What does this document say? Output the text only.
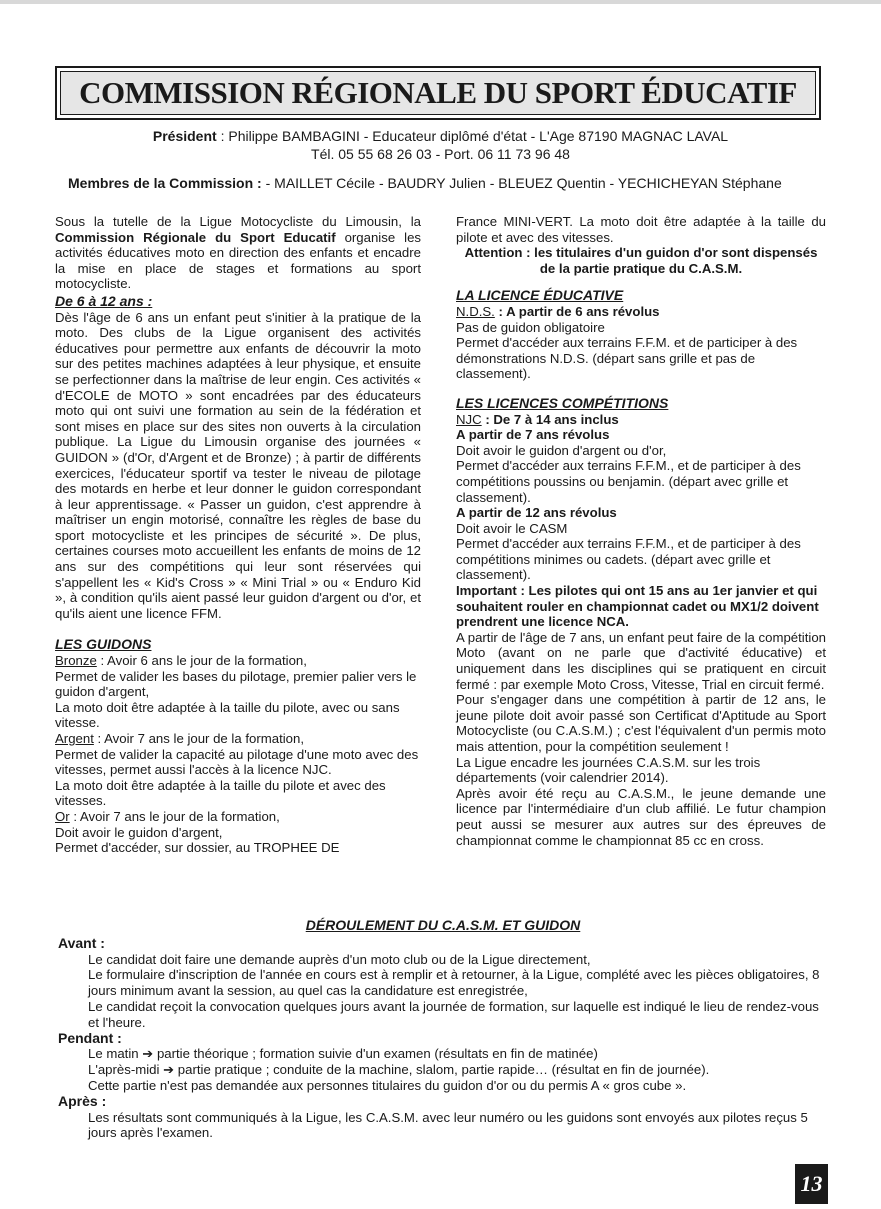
COMMISSION RÉGIONALE DU SPORT ÉDUCATIF
Président : Philippe BAMBAGINI - Educateur diplômé d'état - L'Age 87190 MAGNAC LAVAL
Tél. 05 55 68 26 03 - Port. 06 11 73 96 48
Membres de la Commission : - MAILLET Cécile - BAUDRY Julien - BLEUEZ Quentin - YECHICHEYAN Stéphane

Sous la tutelle de la Ligue Motocycliste du Limousin, la Commission Régionale du Sport Educatif organise les activités éducatives moto en direction des enfants et encadre la mise en place de stages et formations au sport motocycliste.

De 6 à 12 ans :

Dès l'âge de 6 ans un enfant peut s'initier à la pratique de la moto. Des clubs de la Ligue organisent des activités éducatives pour permettre aux enfants de découvrir la moto sur des petites machines adaptées à leur physique, et ensuite se perfectionner dans la maîtrise de leur engin. Ces activités « d'ECOLE de MOTO » sont encadrées par des éducateurs moto qui ont suivi une formation au sein de la fédération et sont mises en place sur des sites non ouverts à la circulation publique. La Ligue du Limousin organise des journées « GUIDON » (d'Or, d'Argent et de Bronze) ; à partir de différents exercices, l'éducateur sportif va tester le niveau de pilotage des motards en herbe et leur donner le guidon correspondant à leur apprentissage. « Passer un guidon, c'est apprendre à maîtriser un engin motorisé, connaître les règles de base du sport motocycliste et les principes de sécurité ». De plus, certaines courses moto accueillent les enfants de moins de 12 ans sur des compétitions qui leur sont réservées qui s'appellent les « Kid's Cross » « Mini Trial » ou « Enduro Kid », à condition qu'ils aient passé leur guidon d'argent ou d'or, et qu'ils aient une licence FFM.

LES GUIDONS

Bronze : Avoir 6 ans le jour de la formation,

Permet de valider les bases du pilotage, premier palier vers le guidon d'argent,

La moto doit être adaptée à la taille du pilote, avec ou sans vitesse.

Argent : Avoir 7 ans le jour de la formation,

Permet de valider la capacité au pilotage d'une moto avec des vitesses, permet aussi l'accès à la licence NJC.

La moto doit être adaptée à la taille du pilote et avec des vitesses.

Or : Avoir 7 ans le jour de la formation,

Doit avoir le guidon d'argent,

Permet d'accéder, sur dossier, au TROPHEE DE

France MINI-VERT. La moto doit être adaptée à la taille du pilote et avec des vitesses.

Attention : les titulaires d'un guidon d'or sont dispensés de la partie pratique du C.A.S.M.

LA LICENCE ÉDUCATIVE

N.D.S. : A partir de 6 ans révolus

Pas de guidon obligatoire

Permet d'accéder aux terrains F.F.M. et de participer à des démonstrations N.D.S. (départ sans grille et pas de classement).

LES LICENCES COMPÉTITIONS

NJC : De 7 à 14 ans inclus

A partir de 7 ans révolus

Doit avoir le guidon d'argent ou d'or,

Permet d'accéder aux terrains F.F.M., et de participer à des compétitions poussins ou benjamin. (départ avec grille et classement).

A partir de 12 ans révolus

Doit avoir le CASM

Permet d'accéder aux terrains F.F.M., et de participer à des compétitions minimes ou cadets. (départ avec grille et classement).

Important : Les pilotes qui ont 15 ans au 1er janvier et qui souhaitent rouler en championnat cadet ou MX1/2 doivent prendrent une licence NCA.

A partir de l'âge de 7 ans, un enfant peut faire de la compétition Moto (avant on ne parle que d'activité éducative) et uniquement dans les disciplines qui se pratiquent en circuit fermé : par exemple Moto Cross, Vitesse, Trial en circuit fermé.

Pour s'engager dans une compétition à partir de 12 ans, le jeune pilote doit avoir passé son Certificat d'Aptitude au Sport Motocycliste (ou C.A.S.M.) ; c'est l'équivalent d'un permis moto mais attention, pour la compétition seulement !

La Ligue encadre les journées C.A.S.M. sur les trois départements (voir calendrier 2014).

Après avoir été reçu au C.A.S.M., le jeune demande une licence par l'intermédiaire d'un club affilié. Le futur champion peut aussi se mesurer aux autres sur des épreuves de championnat comme le championnat 85 cc en cross.

DÉROULEMENT DU C.A.S.M. ET GUIDON

Avant :

Le candidat doit faire une demande auprès d'un moto club ou de la Ligue directement,

Le formulaire d'inscription de l'année en cours est à remplir et à retourner, à la Ligue, complété avec les pièces obligatoires, 8 jours minimum avant la session, au quel cas la candidature est enregistrée,

Le candidat reçoit la convocation quelques jours avant la journée de formation, sur laquelle est indiqué le lieu de rendez-vous et l'heure.

Pendant :

Le matin ➔ partie théorique ; formation suivie d'un examen (résultats en fin de matinée)

L'après-midi ➔ partie pratique ; conduite de la machine, slalom, partie rapide… (résultat en fin de journée).

Cette partie n'est pas demandée aux personnes titulaires du guidon d'or ou du permis A « gros cube ».

Après :

Les résultats sont communiqués à la Ligue, les C.A.S.M. avec leur numéro ou les guidons sont envoyés aux pilotes reçus 5 jours après l'examen.

13
